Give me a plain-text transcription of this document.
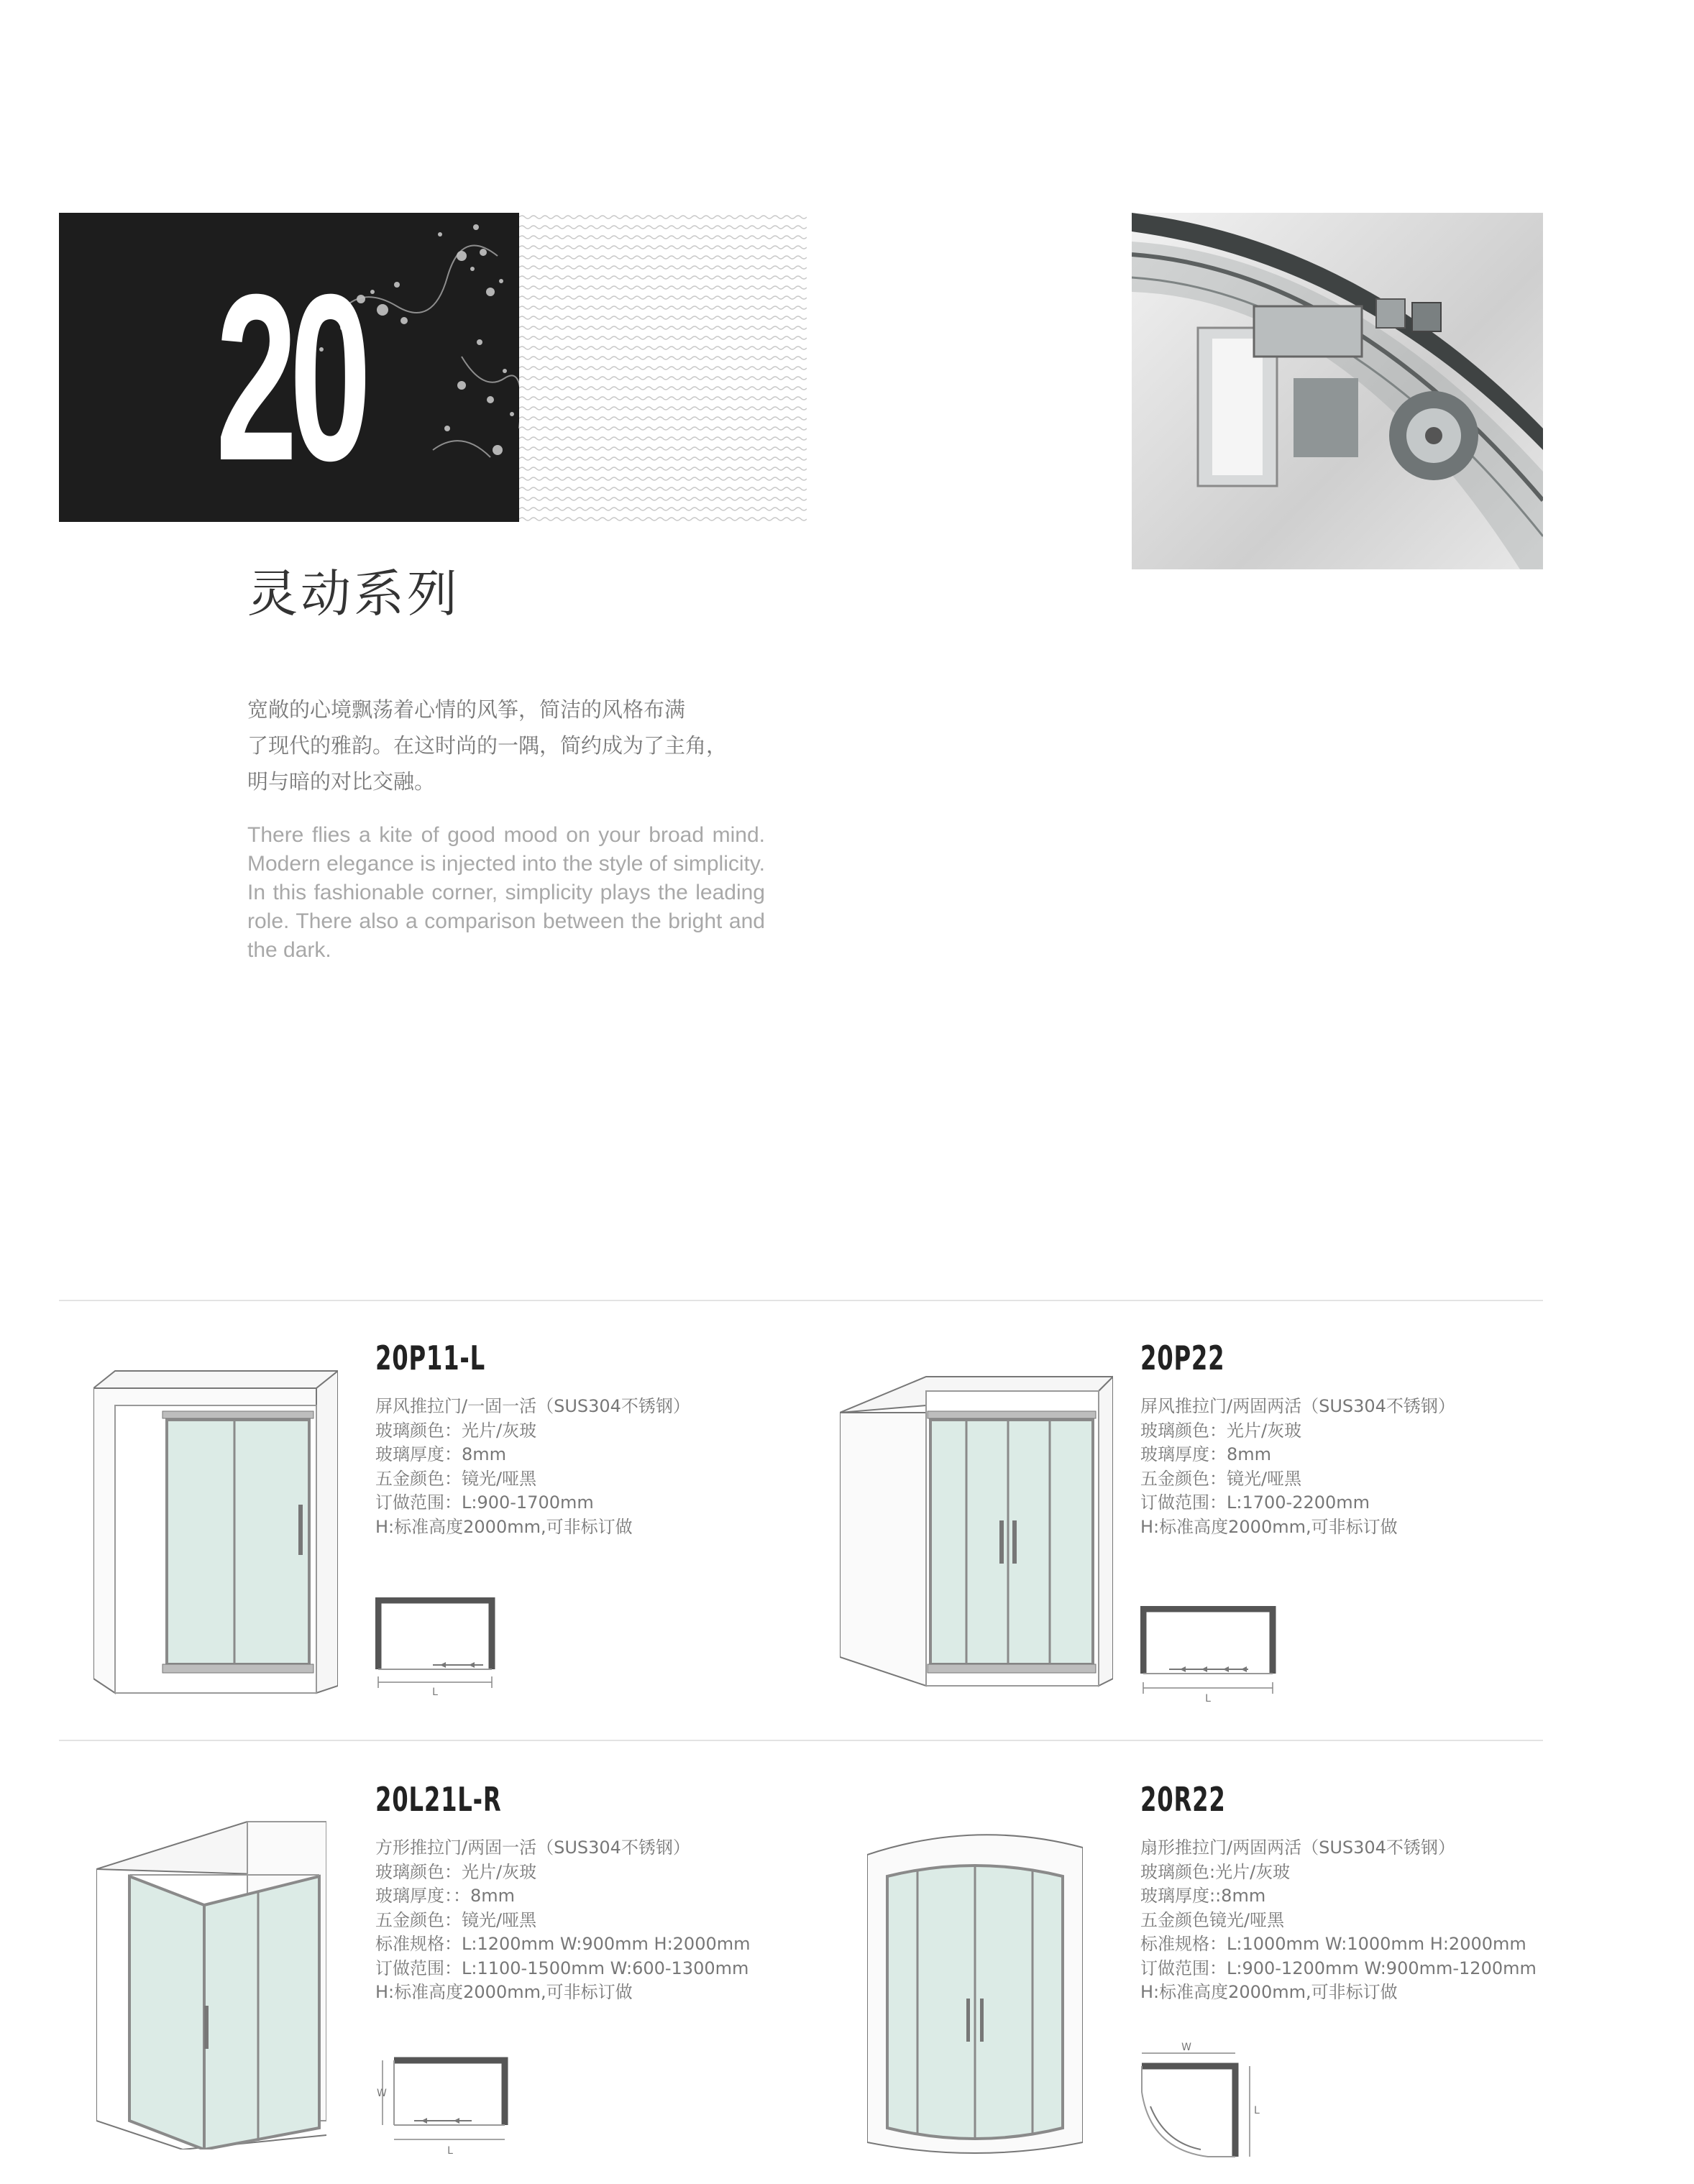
20
灵动系列
宽敞的心境飘荡着心情的风筝，简洁的风格布满
了现代的雅韵。在这时尚的一隅，简约成为了主角，
明与暗的对比交融。
There flies a kite of good mood on your broad mind. Modern elegance is injected into the style of simplicity. In this fashionable corner, simplicity plays the leading role. There also a comparison between the bright and the dark.
20P11-L
屏风推拉门/一固一活（SUS304不锈钢）
玻璃颜色：光片/灰玻
玻璃厚度：8mm
五金颜色：镜光/哑黑
订做范围：L:900-1700mm
H:标准高度2000mm,可非标订做
L
20P22
屏风推拉门/两固两活（SUS304不锈钢）
玻璃颜色：光片/灰玻
玻璃厚度：8mm
五金颜色：镜光/哑黑
订做范围：L:1700-2200mm
H:标准高度2000mm,可非标订做
L
20L21L-R
方形推拉门/两固一活（SUS304不锈钢）
玻璃颜色：光片/灰玻
玻璃厚度：：8mm
五金颜色：镜光/哑黑
标准规格：L:1200mm W:900mm H:2000mm
订做范围：L:1100-1500mm W:600-1300mm
H:标准高度2000mm,可非标订做
W
L
20R22
扇形推拉门/两固两活（SUS304不锈钢）
玻璃颜色:光片/灰玻
玻璃厚度::8mm
五金颜色镜光/哑黑
标准规格：L:1000mm W:1000mm H:2000mm
订做范围：L:900-1200mm W:900mm-1200mm
H:标准高度2000mm,可非标订做
W
L
